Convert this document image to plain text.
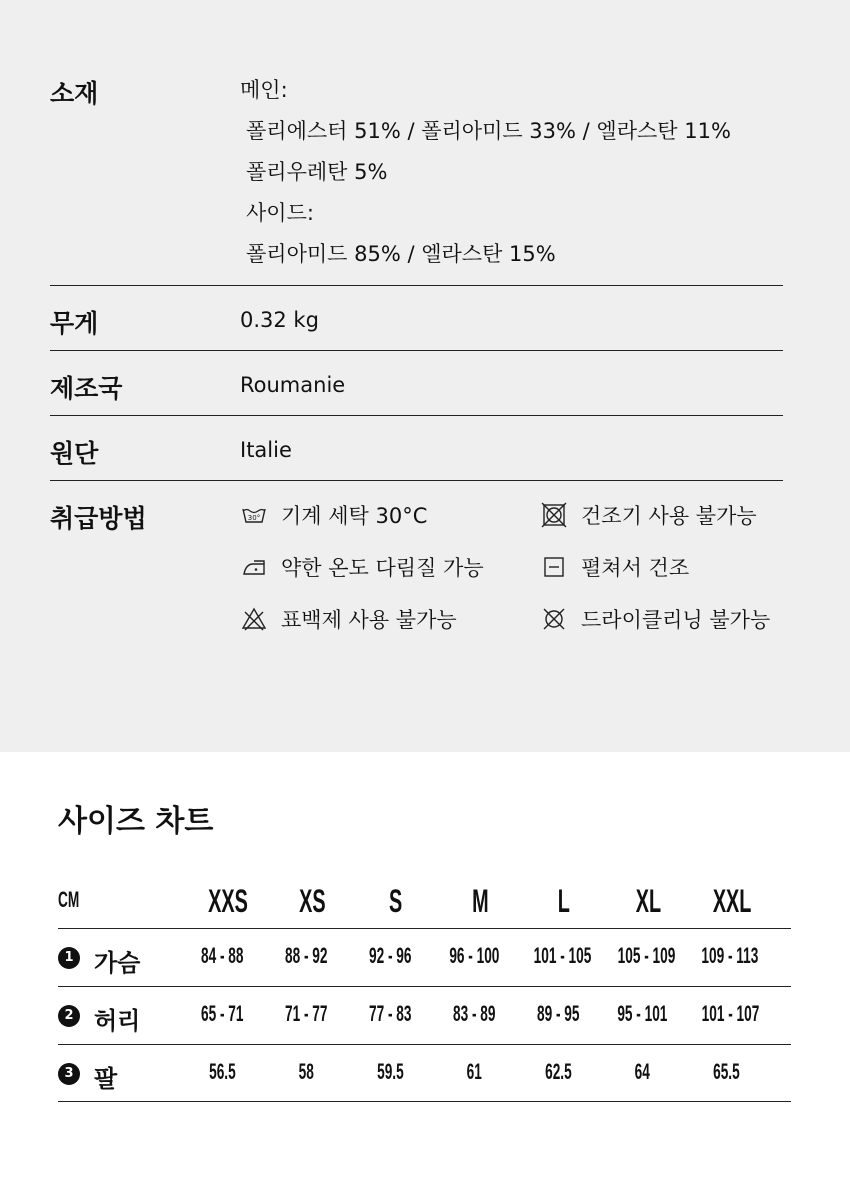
소재	메인:
폴리에스터 51% / 폴리아미드 33% / 엘라스탄 11%
폴리우레탄 5%
사이드:
폴리아미드 85% / 엘라스탄 15%
무게	0.32 kg
제조국	Roumanie
원단	Italie
취급방법	30° 기계 세탁 30°C	건조기 사용 불가능
약한 온도 다림질 가능	펼쳐서 건조
표백제 사용 불가능	드라이클리닝 불가능
사이즈 차트
CM	XXS	XS	S	M	L	XL	XXL
1 가슴	84 - 88	88 - 92	92 - 96	96 - 100	101 - 105	105 - 109	109 - 113
2 허리	65 - 71	71 - 77	77 - 83	83 - 89	89 - 95	95 - 101	101 - 107
3 팔	56.5	58	59.5	61	62.5	64	65.5
